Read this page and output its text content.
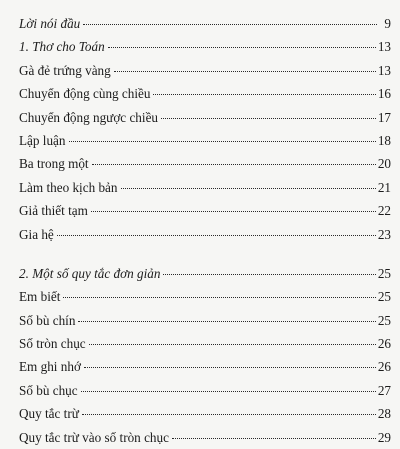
Lời nói đầu	9
1. Thơ cho Toán	13
Gà đẻ trứng vàng	13
Chuyển động cùng chiều	16
Chuyển động ngược chiều	17
Lập luận	18
Ba trong một	20
Làm theo kịch bản	21
Giả thiết tạm	22
Gia hệ	23
2. Một số quy tắc đơn giản	25
Em biết	25
Số bù chín	25
Số tròn chục	26
Em ghi nhớ	26
Số bù chục	27
Quy tắc trừ	28
Quy tắc trừ vào số tròn chục	29
